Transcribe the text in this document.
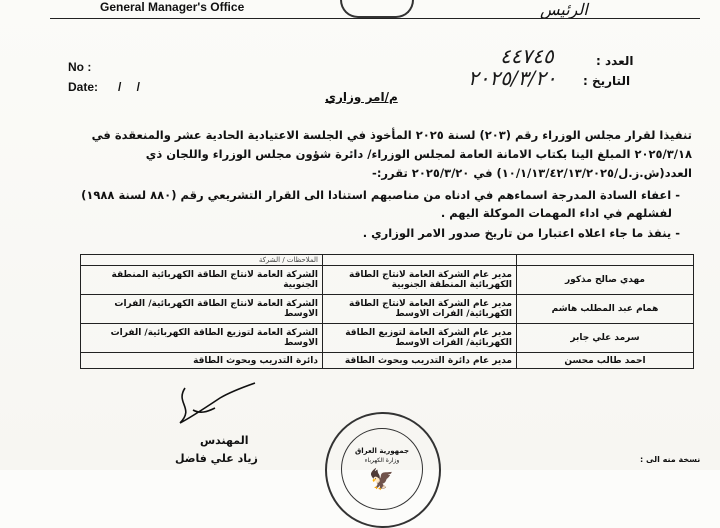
General Manager's Office	الرئيس
No :
Date: / /
العدد :
٤٤٧٤٥
التاريخ :
٢٠٢٥/٣/٢٠
م/امر وزاري
تنفيذا لقرار مجلس الوزراء رقم (٢٠٣) لسنة ٢٠٢٥ المأخوذ في الجلسة الاعتيادية الحادية عشر والمنعقدة في
٢٠٢٥/٣/١٨ المبلغ الينا بكتاب الامانة العامة لمجلس الوزراء/ دائرة شؤون مجلس الوزراء واللجان ذي
العدد(ش.ز.ل/١٠/١/١٣/٤٢/١٣/٢٠٢٥) في ٢٠٢٥/٣/٢٠ تقرر:-
- اعفاء السادة المدرجة اسماءهم في ادناه من مناصبهم استنادا الى القرار التشريعي رقم (٨٨٠ لسنة ١٩٨٨)
لفشلهم في اداء المهمات الموكلة اليهم .
- ينفذ ما جاء اعلاه اعتبارا من تاريخ صدور الامر الوزاري .
		الملاحظات / الشركة
مهدي صالح مذكور	مدير عام الشركة العامة لانتاج الطاقة الكهربائية المنطقة الجنوبية	الشركة العامة لانتاج الطاقة الكهربائية المنطقة الجنوبية
همام عبد المطلب هاشم	مدير عام الشركة العامة لانتاج الطاقة الكهربائية/ الفرات الاوسط	الشركة العامة لانتاج الطاقة الكهربائية/ الفرات الاوسط
سرمد علي جابر	مدير عام الشركة العامة لتوزيع الطاقة الكهربائية/ الفرات الاوسط	الشركة العامة لتوزيع الطاقة الكهربائية/ الفرات الاوسط
احمد طالب محسن	مدير عام دائرة التدريب وبحوث الطاقة	دائرة التدريب وبحوث الطاقة
المهندس
زياد علي فاضل
جمهورية العراق
وزارة الكهرباء
🦅
نسخة منه الى :
